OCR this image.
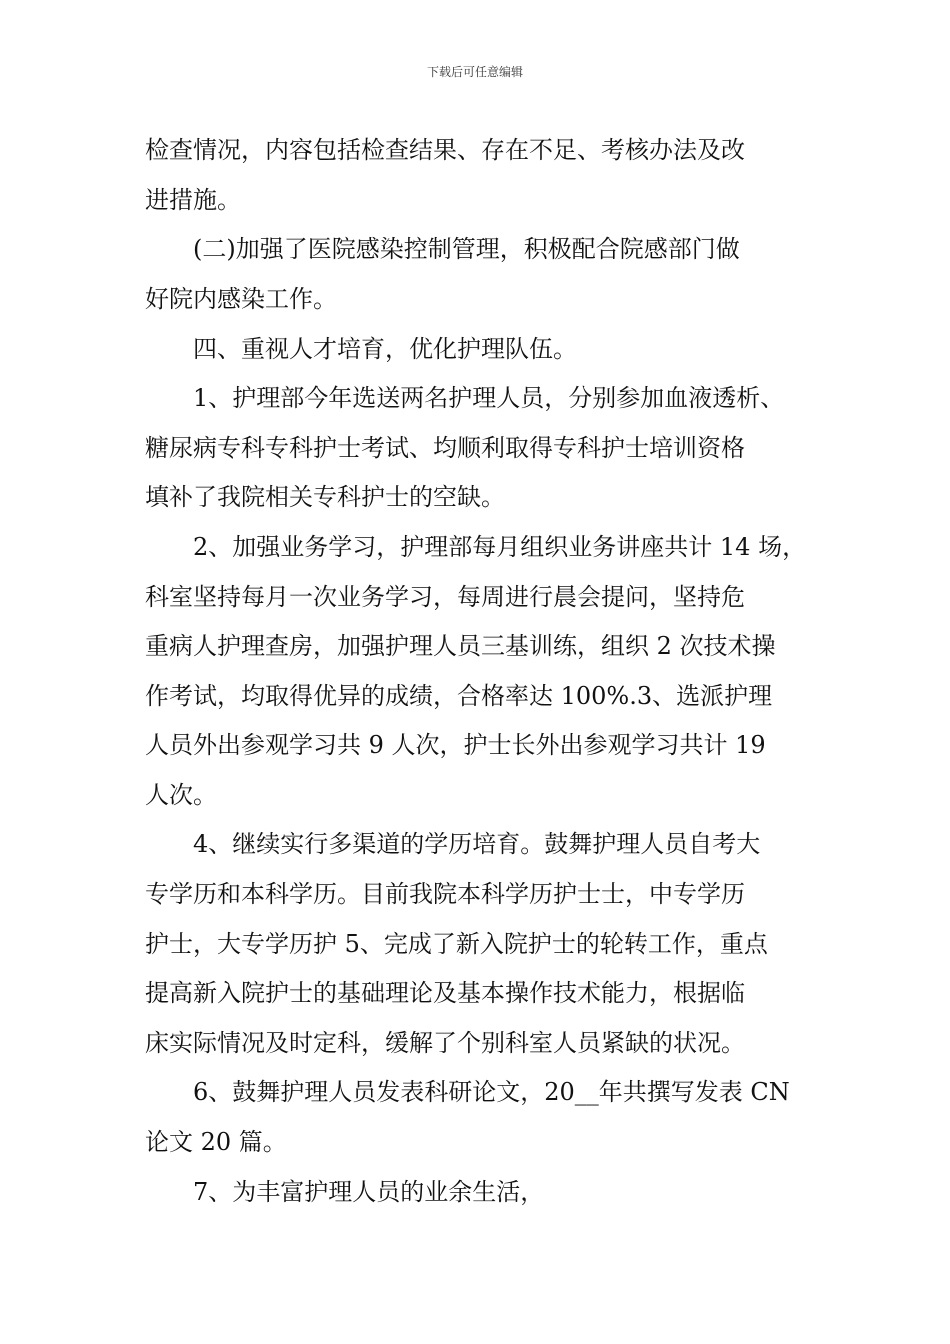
下载后可任意编辑
检查情况，内容包括检查结果、存在不足、考核办法及改
进措施。
(二)加强了医院感染控制管理，积极配合院感部门做
好院内感染工作。
四、重视人才培育，优化护理队伍。
1、护理部今年选送两名护理人员，分别参加血液透析、
糖尿病专科专科护士考试、均顺利取得专科护士培训资格
填补了我院相关专科护士的空缺。
2、加强业务学习，护理部每月组织业务讲座共计 14 场，
科室坚持每月一次业务学习，每周进行晨会提问，坚持危
重病人护理查房，加强护理人员三基训练，组织 2 次技术操
作考试，均取得优异的成绩，合格率达 100%.3、选派护理
人员外出参观学习共 9 人次，护士长外出参观学习共计 19
人次。
4、继续实行多渠道的学历培育。鼓舞护理人员自考大
专学历和本科学历。目前我院本科学历护士士，中专学历
护士，大专学历护 5、完成了新入院护士的轮转工作，重点
提高新入院护士的基础理论及基本操作技术能力，根据临
床实际情况及时定科，缓解了个别科室人员紧缺的状况。
6、鼓舞护理人员发表科研论文，20__年共撰写发表 CN
论文 20 篇。
7、为丰富护理人员的业余生活，
